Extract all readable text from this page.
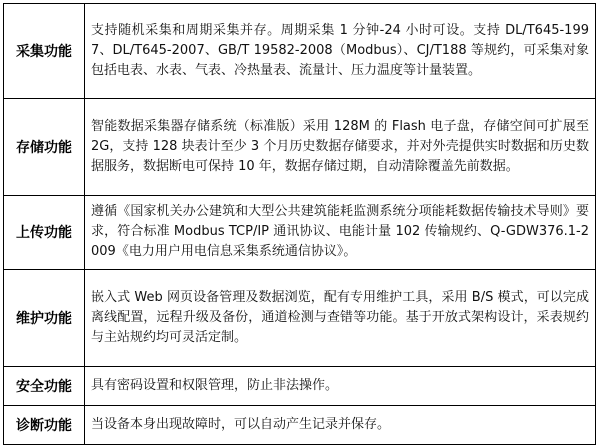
采集功能	支持随机采集和周期采集并存。周期采集 1 分钟-24 小时可设。支持 DL/T645-1997、DL/T645-2007、GB/T 19582-2008（Modbus）、CJ/T188 等规约，可采集对象包括电表、水表、气表、冷热量表、流量计、压力温度等计量装置。
存储功能	智能数据采集器存储系统（标准版）采用 128M 的 Flash 电子盘，存储空间可扩展至 2G，支持 128 块表计至少 3 个月历史数据存储要求，并对外壳提供实时数据和历史数据服务，数据断电可保持 10 年，数据存储过期，自动清除覆盖先前数据。
上传功能	遵循《国家机关办公建筑和大型公共建筑能耗监测系统分项能耗数据传输技术导则》要求，符合标准 Modbus TCP/IP 通讯协议、电能计量 102 传输规约、Q-GDW376.1-2009《电力用户用电信息采集系统通信协议》。
维护功能	嵌入式 Web 网页设备管理及数据浏览，配有专用维护工具，采用 B/S 模式，可以完成离线配置，远程升级及备份，通道检测与查错等功能。基于开放式架构设计，采表规约与主站规约均可灵活定制。
安全功能	具有密码设置和权限管理，防止非法操作。
诊断功能	当设备本身出现故障时，可以自动产生记录并保存。
